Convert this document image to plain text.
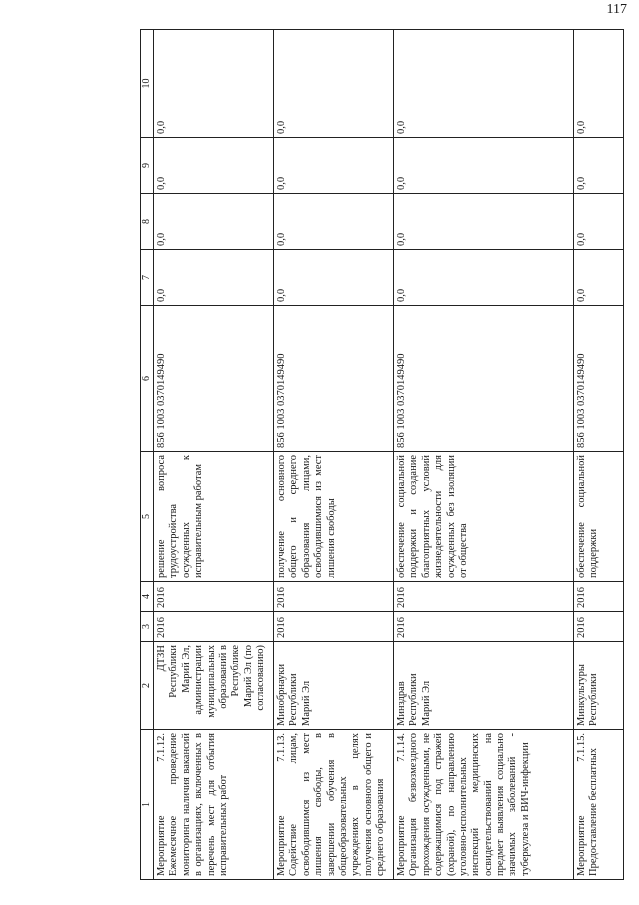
117
1	2	3	4	5	6	7	8	9	10
Мероприятие 7.1.12. Ежемесячное проведение мониторинга наличия вакансий в организациях, включенных в перечень мест для отбытия исправительных работ	ДТЗН Республики Марий Эл, администрации муниципальных образований в Республике Марий Эл (по согласованию)	2016	2016	решение вопроса трудоустройства осужденных к исправительным работам	856 1003 0370149490	0,0	0,0	0,0	0,0
Мероприятие 7.1.13. Содействие лицам, освободившимся из мест лишения свободы, в завершении обучения в общеобразовательных учреждениях в целях получения основного общего и среднего образования	Минобрнауки Республики Марий Эл	2016	2016	получение основного общего и среднего образования лицами, освободившимися из мест лишения свободы	856 1003 0370149490	0,0	0,0	0,0	0,0
Мероприятие 7.1.14. Организация безвозмездного прохождения осужденными, не содержащимися под стражей (охраной), по направлению уголовно-исполнительных инспекций медицинских освидетельствований на предмет выявления социально значимых заболеваний - туберкулеза и ВИЧ-инфекции	Минздрав Республики Марий Эл	2016	2016	обеспечение социальной поддержки и создание благоприятных условий жизнедеятельности для осужденных без изоляции от общества	856 1003 0370149490	0,0	0,0	0,0	0,0
Мероприятие 7.1.15. Предоставление бесплатных	Минкультуры Республики	2016	2016	обеспечение социальной поддержки	856 1003 0370149490	0,0	0,0	0,0	0,0
